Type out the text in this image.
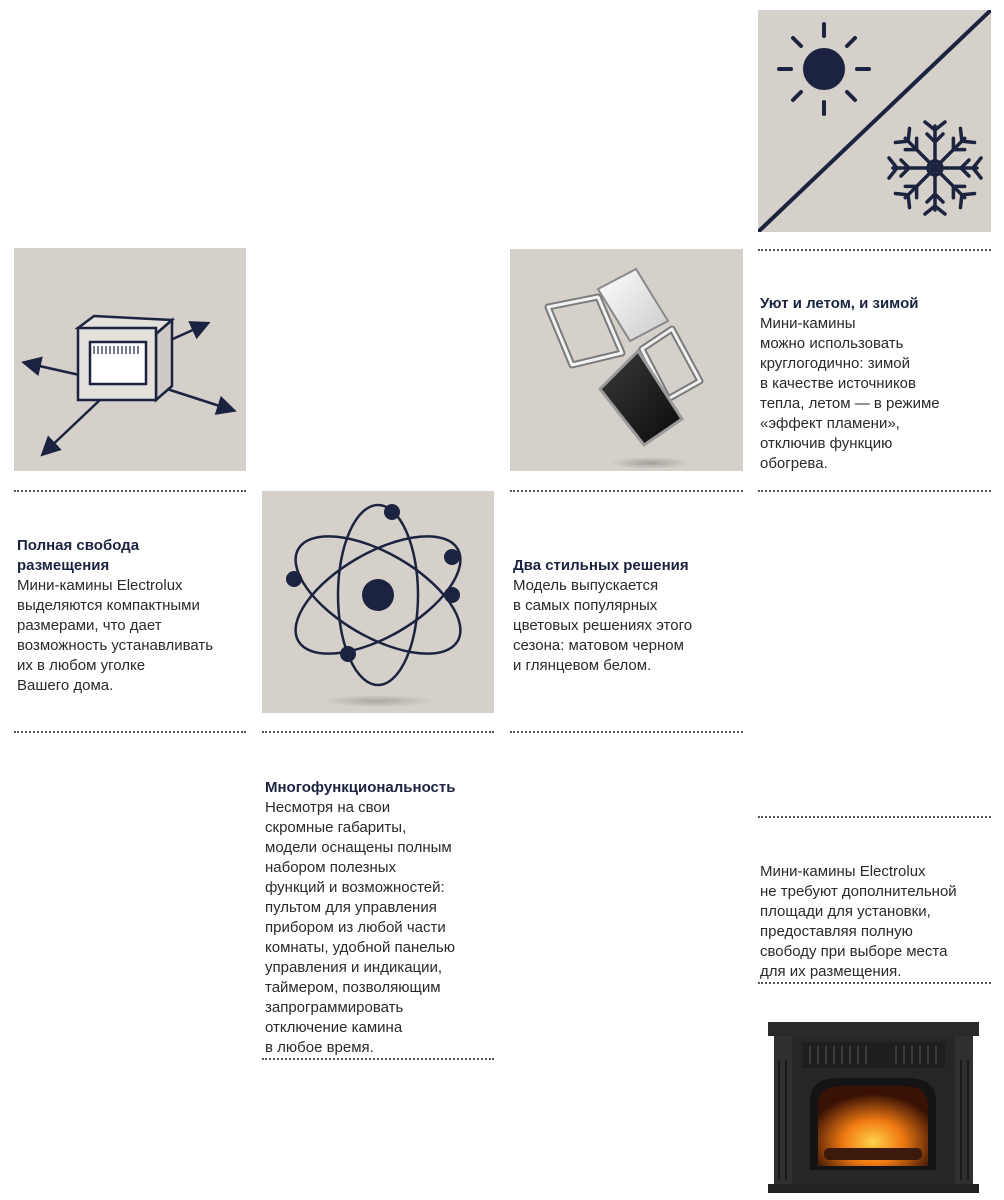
Уют и летом, и зимой
Мини-камины
можно использовать
круглогодично: зимой
в качестве источников
тепла, летом — в режиме
«эффект пламени»,
отключив функцию
обогрева.

Полная свобода
размещения
Мини-камины Electrolux
выделяются компактными
размерами, что дает
возможность устанавливать
их в любом уголке
Вашего дома.

Два стильных решения
Модель выпускается
в самых популярных
цветовых решениях этого
сезона: матовом черном
и глянцевом белом.

Многофункциональность
Несмотря на свои
скромные габариты,
модели оснащены полным
набором полезных
функций и возможностей:
пультом для управления
прибором из любой части
комнаты, удобной панелью
управления и индикации,
таймером, позволяющим
запрограммировать
отключение камина
в любое время.

Мини-камины Electrolux
не требуют дополнительной
площади для установки,
предоставляя полную
свободу при выборе места
для их размещения.
